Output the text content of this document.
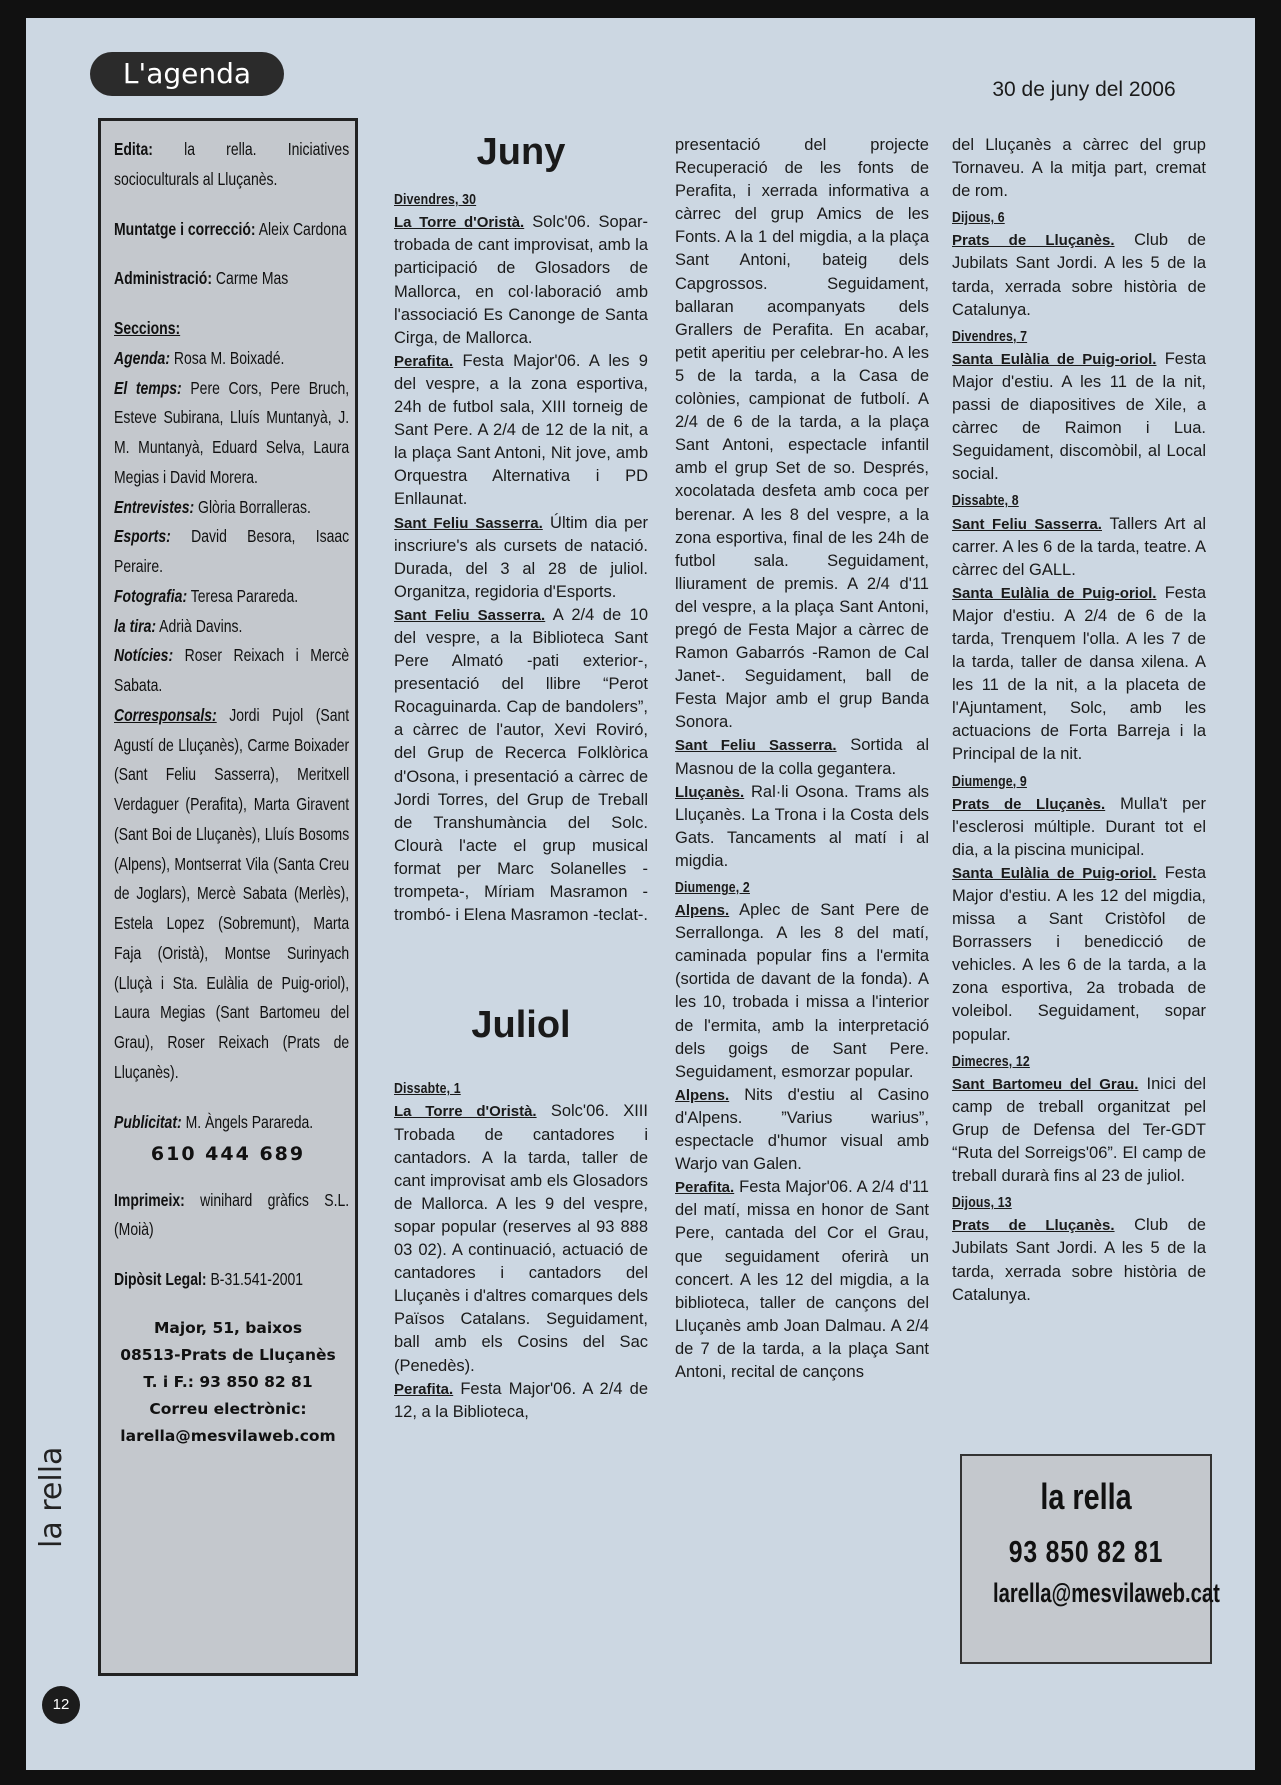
L'agenda	30 de juny del 2006
la rella
12

Edita: la rella. Iniciatives socioculturals al Lluçanès.

Muntatge i correcció: Aleix Cardona

Administració: Carme Mas

Seccions:

Agenda: Rosa M. Boixadé.

El temps: Pere Cors, Pere Bruch, Esteve Subirana, Lluís Muntanyà, J. M. Muntanyà, Eduard Selva, Laura Megias i David Morera.

Entrevistes: Glòria Borralleras.

Esports: David Besora, Isaac Peraire.

Fotografia: Teresa Parareda.

la tira: Adrià Davins.

Notícies: Roser Reixach i Mercè Sabata.

Corresponsals: Jordi Pujol (Sant Agustí de Lluçanès), Carme Boixader (Sant Feliu Sasserra), Meritxell Verdaguer (Perafita), Marta Giravent (Sant Boi de Lluçanès), Lluís Bosoms (Alpens), Montserrat Vila (Santa Creu de Joglars), Mercè Sabata (Merlès), Estela Lopez (Sobremunt), Marta Faja (Oristà), Montse Surinyach (Lluçà i Sta. Eulàlia de Puig-oriol), Laura Megias (Sant Bartomeu del Grau), Roser Reixach (Prats de Lluçanès).

Publicitat: M. Àngels Parareda.

610 444 689

Imprimeix: winihard gràfics S.L. (Moià)

Dipòsit Legal: B-31.541-2001

Major, 51, baixos
08513-Prats de Lluçanès
T. i F.: 93 850 82 81
Correu electrònic:
larella@mesvilaweb.com
Juny

Divendres, 30

La Torre d'Oristà. Solc'06. Sopar-trobada de cant improvisat, amb la participació de Glosadors de Mallorca, en col·laboració amb l'associació Es Canonge de Santa Cirga, de Mallorca.

Perafita. Festa Major'06. A les 9 del vespre, a la zona esportiva, 24h de futbol sala, XIII torneig de Sant Pere. A 2/4 de 12 de la nit, a la plaça Sant Antoni, Nit jove, amb Orquestra Alternativa i PD Enllaunat.

Sant Feliu Sasserra. Últim dia per inscriure's als cursets de natació. Durada, del 3 al 28 de juliol. Organitza, regidoria d'Esports.

Sant Feliu Sasserra. A 2/4 de 10 del vespre, a la Biblioteca Sant Pere Almató -pati exterior-, presentació del llibre “Perot Rocaguinarda. Cap de bandolers”, a càrrec de l'autor, Xevi Roviró, del Grup de Recerca Folklòrica d'Osona, i presentació a càrrec de Jordi Torres, del Grup de Treball de Transhumància del Solc. Clourà l'acte el grup musical format per Marc Solanelles -trompeta-, Míriam Masramon -trombó- i Elena Masramon -teclat-.

Juliol

Dissabte, 1

La Torre d'Oristà. Solc'06. XIII Trobada de cantadores i cantadors. A la tarda, taller de cant improvisat amb els Glosadors de Mallorca. A les 9 del vespre, sopar popular (reserves al 93 888 03 02). A continuació, actuació de cantadores i cantadors del Lluçanès i d'altres comarques dels Països Catalans. Seguidament, ball amb els Cosins del Sac (Penedès).

Perafita. Festa Major'06. A 2/4 de 12, a la Biblioteca,

presentació del projecte Recuperació de les fonts de Perafita, i xerrada informativa a càrrec del grup Amics de les Fonts. A la 1 del migdia, a la plaça Sant Antoni, bateig dels Capgrossos. Seguidament, ballaran acompanyats dels Grallers de Perafita. En acabar, petit aperitiu per celebrar-ho. A les 5 de la tarda, a la Casa de colònies, campionat de futbolí. A 2/4 de 6 de la tarda, a la plaça Sant Antoni, espectacle infantil amb el grup Set de so. Després, xocolatada desfeta amb coca per berenar. A les 8 del vespre, a la zona esportiva, final de les 24h de futbol sala. Seguidament, lliurament de premis. A 2/4 d'11 del vespre, a la plaça Sant Antoni, pregó de Festa Major a càrrec de Ramon Gabarrós -Ramon de Cal Janet-. Seguidament, ball de Festa Major amb el grup Banda Sonora.

Sant Feliu Sasserra. Sortida al Masnou de la colla gegantera.

Lluçanès. Ral·li Osona. Trams als Lluçanès. La Trona i la Costa dels Gats. Tancaments al matí i al migdia.

Diumenge, 2

Alpens. Aplec de Sant Pere de Serrallonga. A les 8 del matí, caminada popular fins a l'ermita (sortida de davant de la fonda). A les 10, trobada i missa a l'interior de l'ermita, amb la interpretació dels goigs de Sant Pere. Seguidament, esmorzar popular.

Alpens. Nits d'estiu al Casino d'Alpens. ”Varius warius”, espectacle d'humor visual amb Warjo van Galen.

Perafita. Festa Major'06. A 2/4 d'11 del matí, missa en honor de Sant Pere, cantada del Cor el Grau, que seguidament oferirà un concert. A les 12 del migdia, a la biblioteca, taller de cançons del Lluçanès amb Joan Dalmau. A 2/4 de 7 de la tarda, a la plaça Sant Antoni, recital de cançons

del Lluçanès a càrrec del grup Tornaveu. A la mitja part, cremat de rom.

Dijous, 6

Prats de Lluçanès. Club de Jubilats Sant Jordi. A les 5 de la tarda, xerrada sobre història de Catalunya.

Divendres, 7

Santa Eulàlia de Puig-oriol. Festa Major d'estiu. A les 11 de la nit, passi de diapositives de Xile, a càrrec de Raimon i Lua. Seguidament, discomòbil, al Local social.

Dissabte, 8

Sant Feliu Sasserra. Tallers Art al carrer. A les 6 de la tarda, teatre. A càrrec del GALL.

Santa Eulàlia de Puig-oriol. Festa Major d'estiu. A 2/4 de 6 de la tarda, Trenquem l'olla. A les 7 de la tarda, taller de dansa xilena. A les 11 de la nit, a la placeta de l'Ajuntament, Solc, amb les actuacions de Forta Barreja i la Principal de la nit.

Diumenge, 9

Prats de Lluçanès. Mulla't per l'esclerosi múltiple. Durant tot el dia, a la piscina municipal.

Santa Eulàlia de Puig-oriol. Festa Major d'estiu. A les 12 del migdia, missa a Sant Cristòfol de Borrassers i benedicció de vehicles. A les 6 de la tarda, a la zona esportiva, 2a trobada de voleibol. Seguidament, sopar popular.

Dimecres, 12

Sant Bartomeu del Grau. Inici del camp de treball organitzat pel Grup de Defensa del Ter-GDT “Ruta del Sorreigs'06”. El camp de treball durarà fins al 23 de juliol.

Dijous, 13

Prats de Lluçanès. Club de Jubilats Sant Jordi. A les 5 de la tarda, xerrada sobre història de Catalunya.

la rella
93 850 82 81
larella@mesvilaweb.cat
